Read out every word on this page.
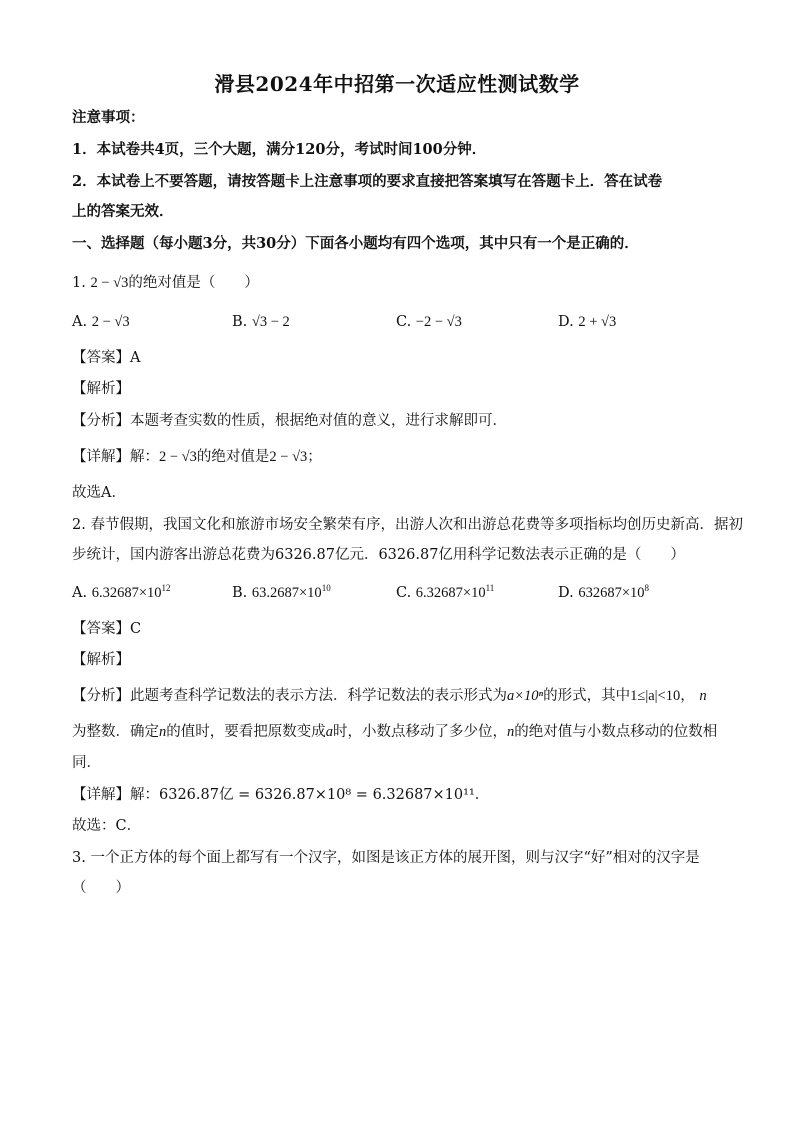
滑县2024年中招第一次适应性测试数学
注意事项：
1．本试卷共4页，三个大题，满分120分，考试时间100分钟．
2．本试卷上不要答题，请按答题卡上注意事项的要求直接把答案填写在答题卡上．答在试卷
上的答案无效．
一、选择题（每小题3分，共30分）下面各小题均有四个选项，其中只有一个是正确的．
1. 2 − √3的绝对值是（　　）
A. 2 − √3	B. √3 − 2	C. −2 − √3	D. 2 + √3
【答案】A
【解析】
【分析】本题考查实数的性质，根据绝对值的意义，进行求解即可．
【详解】解：2 − √3的绝对值是2 − √3；
故选A．
2. 春节假期，我国文化和旅游市场安全繁荣有序，出游人次和出游总花费等多项指标均创历史新高．据初
步统计，国内游客出游总花费为6326.87亿元．6326.87亿用科学记数法表示正确的是（　　）
A. $6.32687\times 10^{12}$	B. $63.2687\times 10^{10}$	C. $6.32687\times 10^{11}$	D. $632687\times 10^8$
【答案】C
【解析】
【分析】此题考查科学记数法的表示方法．科学记数法的表示形式为a×10ⁿ的形式，其中1≤|a|<10， n
为整数．确定n的值时，要看把原数变成a时，小数点移动了多少位，n的绝对值与小数点移动的位数相
同．
【详解】解：6326.87亿 = 6326.87×10⁸ = 6.32687×10¹¹．
故选：C．
3. 一个正方体的每个面上都写有一个汉字，如图是该正方体的展开图，则与汉字“好”相对的汉字是
（　　）
